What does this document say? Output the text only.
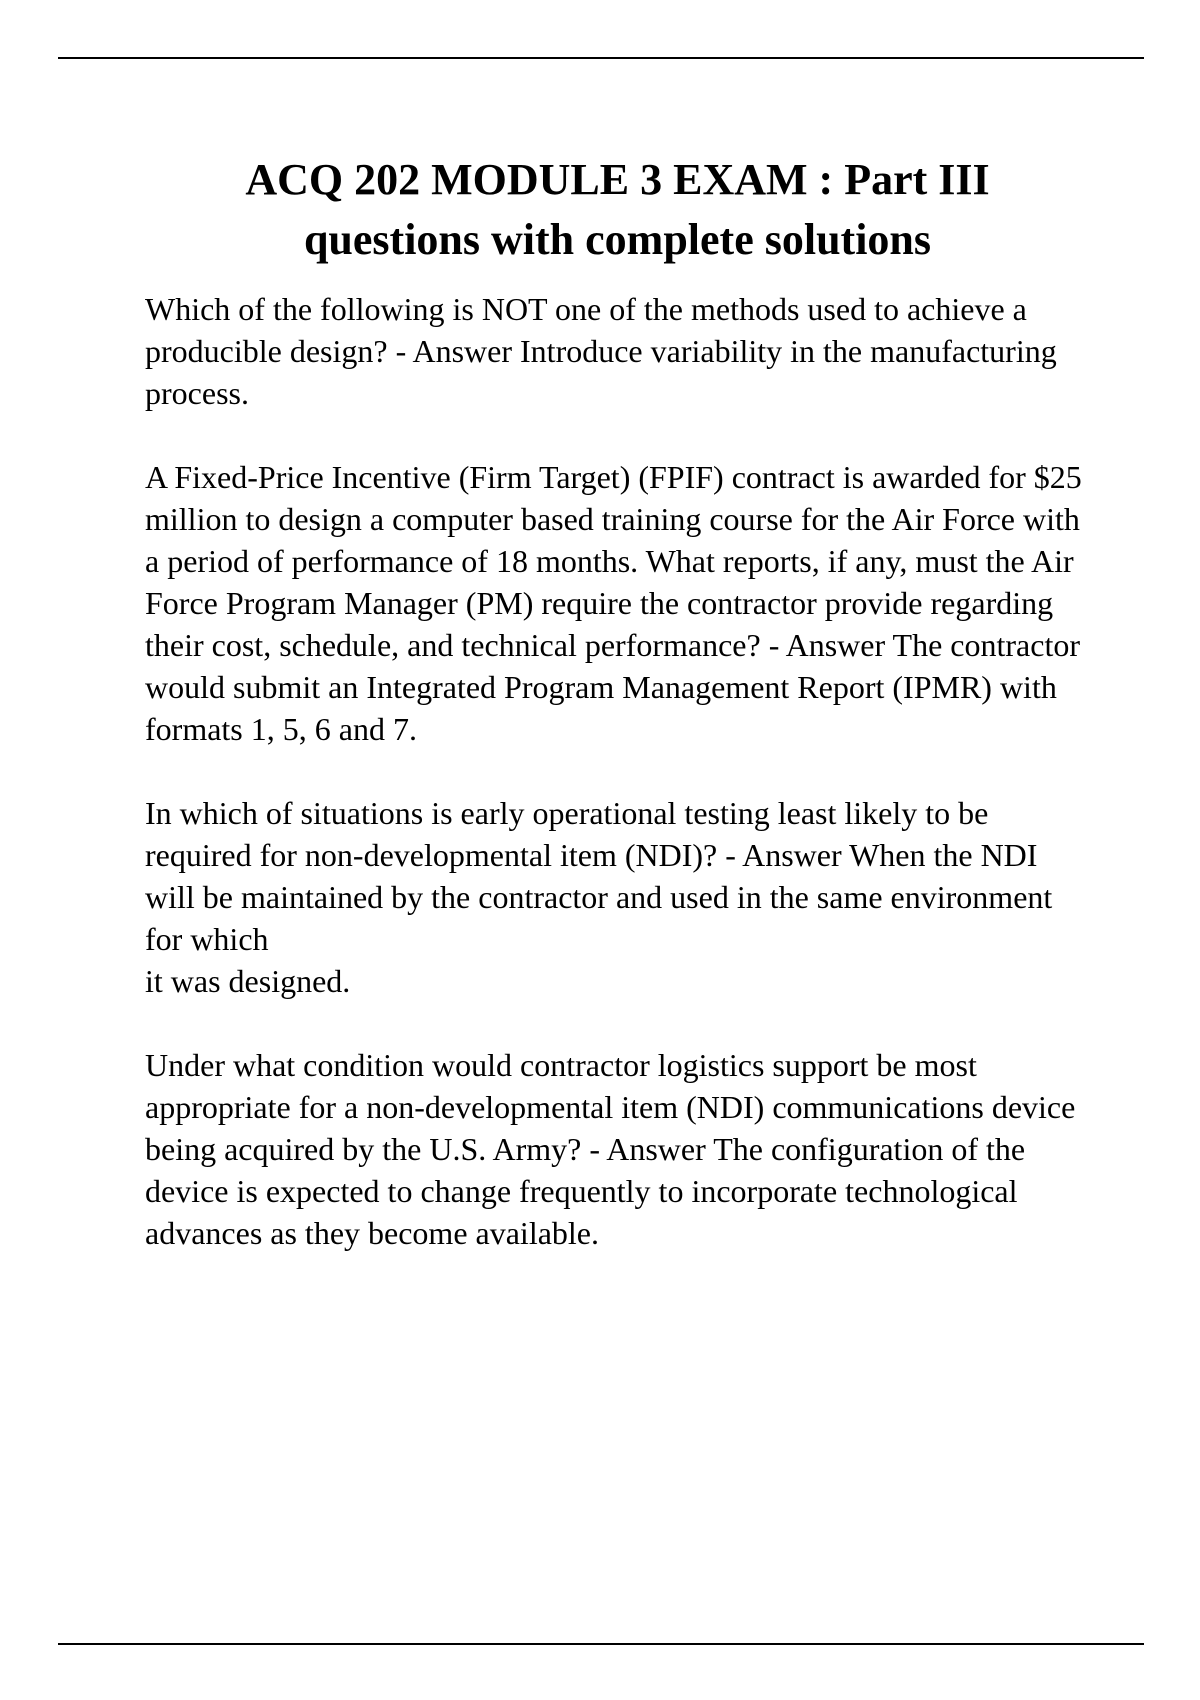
ACQ 202 MODULE 3 EXAM : Part III
questions with complete solutions

Which of the following is NOT one of the methods used to achieve a producible design? - Answer Introduce variability in the manufacturing process.

A Fixed-Price Incentive (Firm Target) (FPIF) contract is awarded for $25 million to design a computer based training course for the Air Force with a period of performance of 18 months. What reports, if any, must the Air Force Program Manager (PM) require the contractor provide regarding their cost, schedule, and technical performance? - Answer The contractor would submit an Integrated Program Management Report (IPMR) with formats 1, 5, 6 and 7.

In which of situations is early operational testing least likely to be required for non-developmental item (NDI)? - Answer When the NDI will be maintained by the contractor and used in the same environment for which
it was designed.

Under what condition would contractor logistics support be most appropriate for a non-developmental item (NDI) communications device being acquired by the U.S. Army? - Answer The configuration of the device is expected to change frequently to incorporate technological advances as they become available.
